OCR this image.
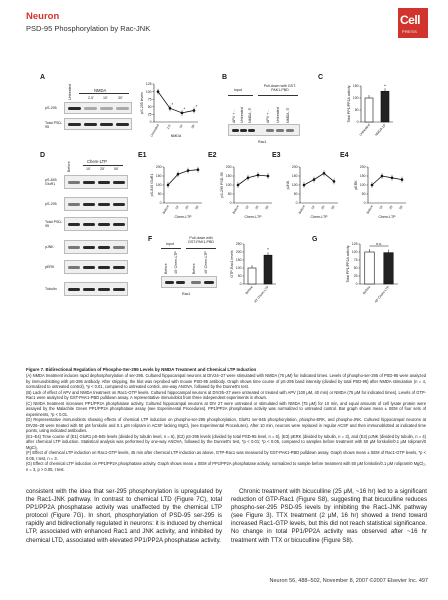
Neuron
PSD-95 Phosphorylation by Rac-JNK
Cell
PRESS
A
NMDA
Untreated	2.5'	10'	30'
pS-295
Total PSD-95
0
25
50
75
100
125
pS-295 levels	*
* *
Untreated 2.5' 10' 30'
NMDA
B
Input
Pull-down with GST-PAK1-PBD
APV + ... Untreated NMDA, 5'	APV + ... Untreated NMDA, 5'
Rac1
C
0
50
100
150
Total PP1/PP2A activity
Untreated NMDA 10'
*
D
Chem-LTP
Before	10'	25'	50'
pS-845 GluR1
pS-295
Total PSD-95
pJNK
pERK
Tubulin
E1
0
50
100
150
200
pS-845 GluR1
Before 10' 25' 50'
Chem-LTP
E2
0
50
100
150
200
pS-295 PSD-95
Before 10' 25' 50'
Chem-LTP
E3
0
50
100
150
200
pJNK
Before 10' 25' 50'
Chem-LTP
E4
0
50
100
150
200
pERK
Before 10' 25' 50'
Chem-LTP
F
Input
Pull-down with GST-PAK1-PBD
Before 40' Chem-LTP	Before 40' Chem-LTP
Rac1
0
50
100
150
200
250
GTP-Rac1 levels
Before 40' Chem-LTP
*
G
0
25
50
75
100
125
Total PP1/PP2A activity
Before 40' Chem-LTP
n.s.
Figure 7. Bidirectional Regulation of Phospho-Ser-295 Levels by NMDA Treatment and Chemical LTP Induction

(A) NMDA treatment induces rapid dephosphorylation of ser-295. Cultured hippocampal neurons at DIV24–27 were stimulated with NMDA (75 μM) for indicated times. Levels of phospho-ser-295 of PSD-95 were analyzed by immunoblotting with pS-295 antibody. After stripping, the blot was reprobed with mouse PSD-95 antibody. Graph shows time course of pS-295 band intensity (divided by total PSD-95) after NMDA stimulation (n = 4, normalized to untreated control), *p < 0.01, compared to untreated control, one-way ANOVA, followed by the Dunnett's test.

(B) Lack of effect of APV and NMDA treatment on Rac1-GTP levels. Cultured hippocampal neurons at DIV26–27 were untreated or treated with APV (100 μM, 40 min) or NMDA (75 μM for indicated times). Levels of GTP-Rac1 were analyzed by GST-PAK1-PBD pulldown assay. A representative immunoblot from three independent experiments is shown.

(C) NMDA treatment increases PP1/PP2A phosphatase activity. Cultured hippocampal neurons at DIV 27 were untreated or stimulated with NMDA (75 μM) for 10 min, and equal amounts of cell lysate protein were assayed by the Malachite Green PP1/PP2A phosphatase assay (see Experimental Procedures). PP1/PP2A phosphatase activity was normalized to untreated control. Bar graph shows mean ± SEM of four sets of experiments, *p < 0.01.

(D) Representative immunoblots showing effects of chemical LTP induction on phospho-ser-295 phosphorylation, GluR1 ser-845 phosphorylation, phospho-ERK, and phospho-JNK. Cultured hippocampal neurons at DIV26–28 were treated with 50 μM forskolin and 0.1 μM rolipram in ACSF lacking MgCl₂ (see Experimental Procedures). After 10 min, neurons were replaced in regular ACSF and then immunoblotted at indicated time points, using indicated antibodies.

(E1–E4) Time course of (E1) GluR1 pS-845 levels (divided by tubulin level, n = 6), (E2) pS-295 levels (divided by total PSD-95 level, n = 6), (E3) pERK (divided by tubulin, n = 3), and (E4) pJNK (divided by tubulin, n = 4) after chemical LTP induction. Statistical analysis was performed by one-way ANOVA, followed by the Dunnett's test, *p < 0.01; *p < 0.05, compared to samples before treatment with 50 μM forskolin/0.1 μM rolipram/0 MgCl₂.

(F) Effect of chemical LTP induction on Rac1-GTP levels, 45 min after chemical LTP induction as above, GTP-Rac1 was measured by GST-PAK1-PBD pulldown assay. Graph shows mean ± SEM of Rac1-GTP levels, *p < 0.05, t test, n = 3.

(G) Effect of chemical LTP induction on PP1/PP2A phosphatase activity. Graph shows mean ± SEM of PP1/PP2A phosphatase activity, normalized to sample before treatment with 50 μM forskolin/0.1 μM rolipram/0 MgCl₂, n = 3, p > 0.05, t test.

consistent with the idea that ser-295 phosphorylation is upregulated by the Rac1-JNK pathway. In contrast to chemical LTD (Figure 7C), total PP1/PP2A phosphatase activity was unaffected by the chemical LTP protocol (Figure 7G). In short, phosphorylation of PSD-95 ser-295 is rapidly and bidirectionally regulated in neurons: it is induced by chemical LTP, associated with enhanced Rac1 and JNK activity, and inhibited by chemical LTD, associated with elevated PP1/PP2A phosphatase activity.
Chronic treatment with bicuculline (25 μM, ~16 hr) led to a significant reduction of GTP-Rac1 (Figure S8), suggesting that bicuculline reduces phospho-ser-295 PSD-95 levels by inhibiting the Rac1-JNK pathway (see Figure 3). TTX treatment (2 μM, 16 hr) showed a trend toward increased Rac1-GTP levels, but this did not reach statistical significance. No change in total PP1/PP2A activity was observed after ~16 hr treatment with TTX or bicuculline (Figure S8).
Neuron 56, 488–502, November 8, 2007 ©2007 Elsevier Inc. 497
